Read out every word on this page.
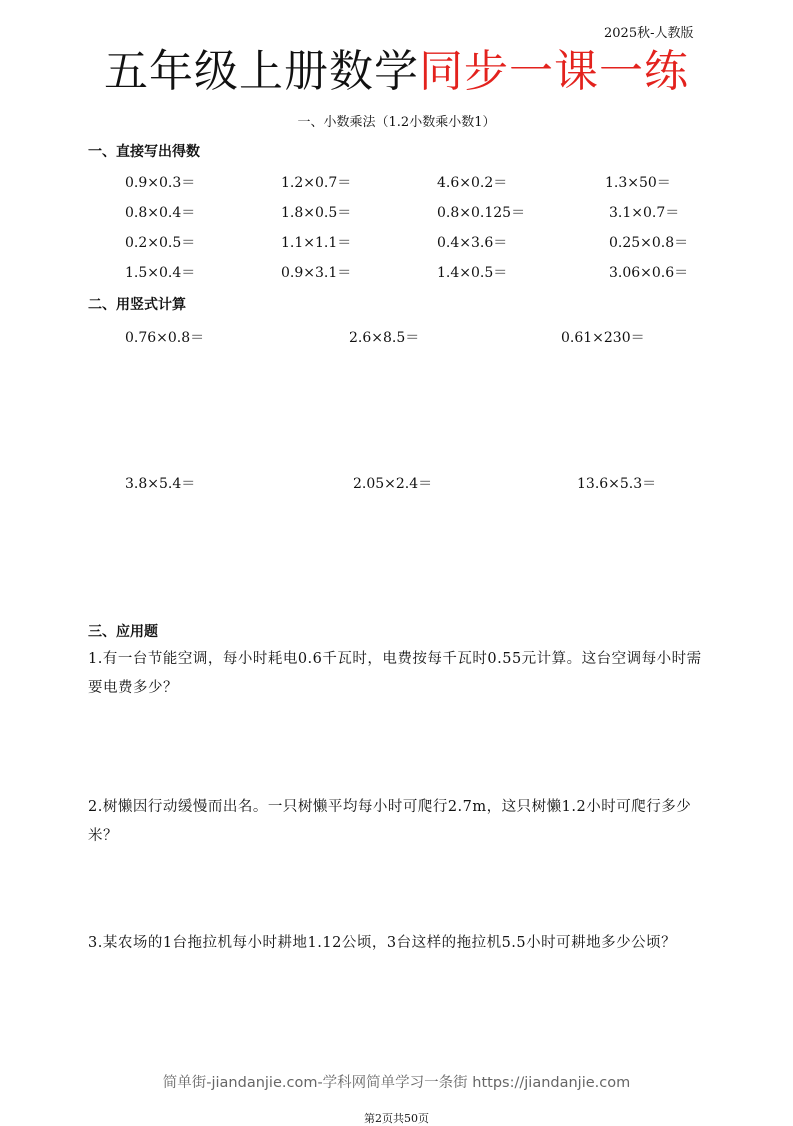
2025秋-人教版
五年级上册数学同步一课一练
一、小数乘法（1.2小数乘小数1）
一、直接写出得数
0.9×0.3＝	1.2×0.7＝	4.6×0.2＝	1.3×50＝
0.8×0.4＝	1.8×0.5＝	0.8×0.125＝	3.1×0.7＝
0.2×0.5＝	1.1×1.1＝	0.4×3.6＝	0.25×0.8＝
1.5×0.4＝	0.9×3.1＝	1.4×0.5＝	3.06×0.6＝
二、用竖式计算
0.76×0.8＝	2.6×8.5＝	0.61×230＝
3.8×5.4＝	2.05×2.4＝	13.6×5.3＝
三、应用题
1.有一台节能空调，每小时耗电0.6千瓦时，电费按每千瓦时0.55元计算。这台空调每小时需要电费多少？
2.树懒因行动缓慢而出名。一只树懒平均每小时可爬行2.7m，这只树懒1.2小时可爬行多少米？
3.某农场的1台拖拉机每小时耕地1.12公顷，3台这样的拖拉机5.5小时可耕地多少公顷？
简单街-jiandanjie.com-学科网简单学习一条街 https://jiandanjie.com
第2页共50页
